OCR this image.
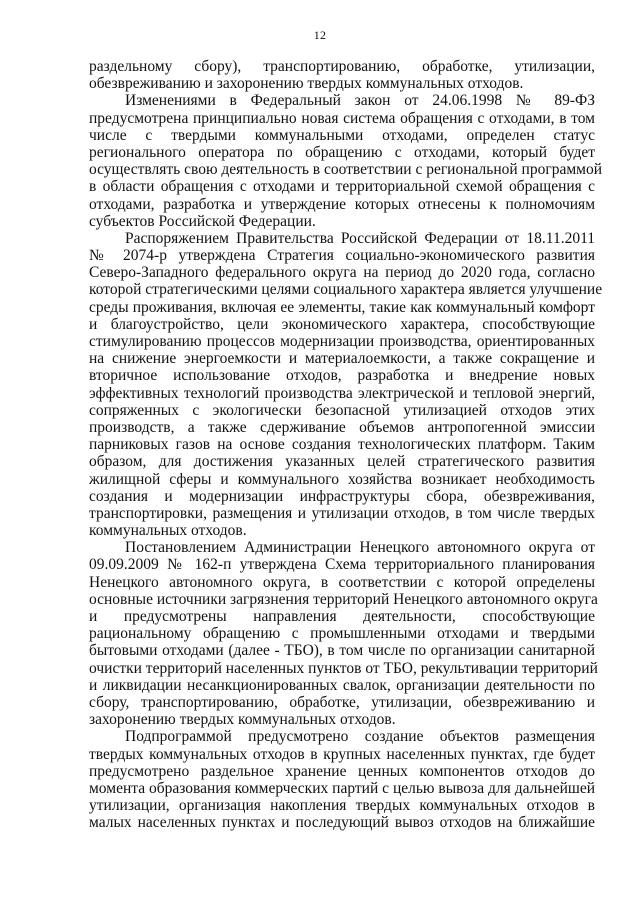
12
раздельному сбору), транспортированию, обработке, утилизации,
обезвреживанию и захоронению твердых коммунальных отходов.
Изменениями в Федеральный закон от 24.06.1998 № 89-ФЗ
предусмотрена принципиально новая система обращения с отходами, в том
числе с твердыми коммунальными отходами, определен статус
регионального оператора по обращению с отходами, который будет
осуществлять свою деятельность в соответствии с региональной программой
в области обращения с отходами и территориальной схемой обращения с
отходами, разработка и утверждение которых отнесены к полномочиям
субъектов Российской Федерации.
Распоряжением Правительства Российской Федерации от 18.11.2011
№ 2074-р утверждена Стратегия социально-экономического развития
Северо-Западного федерального округа на период до 2020 года, согласно
которой стратегическими целями социального характера является улучшение
среды проживания, включая ее элементы, такие как коммунальный комфорт
и благоустройство, цели экономического характера, способствующие
стимулированию процессов модернизации производства, ориентированных
на снижение энергоемкости и материалоемкости, а также сокращение и
вторичное использование отходов, разработка и внедрение новых
эффективных технологий производства электрической и тепловой энергий,
сопряженных с экологически безопасной утилизацией отходов этих
производств, а также сдерживание объемов антропогенной эмиссии
парниковых газов на основе создания технологических платформ. Таким
образом, для достижения указанных целей стратегического развития
жилищной сферы и коммунального хозяйства возникает необходимость
создания и модернизации инфраструктуры сбора, обезвреживания,
транспортировки, размещения и утилизации отходов, в том числе твердых
коммунальных отходов.
Постановлением Администрации Ненецкого автономного округа от
09.09.2009 № 162-п утверждена Схема территориального планирования
Ненецкого автономного округа, в соответствии с которой определены
основные источники загрязнения территорий Ненецкого автономного округа
и предусмотрены направления деятельности, способствующие
рациональному обращению с промышленными отходами и твердыми
бытовыми отходами (далее - ТБО), в том числе по организации санитарной
очистки территорий населенных пунктов от ТБО, рекультивации территорий
и ликвидации несанкционированных свалок, организации деятельности по
сбору, транспортированию, обработке, утилизации, обезвреживанию и
захоронению твердых коммунальных отходов.
Подпрограммой предусмотрено создание объектов размещения
твердых коммунальных отходов в крупных населенных пунктах, где будет
предусмотрено раздельное хранение ценных компонентов отходов до
момента образования коммерческих партий с целью вывоза для дальнейшей
утилизации, организация накопления твердых коммунальных отходов в
малых населенных пунктах и последующий вывоз отходов на ближайшие
